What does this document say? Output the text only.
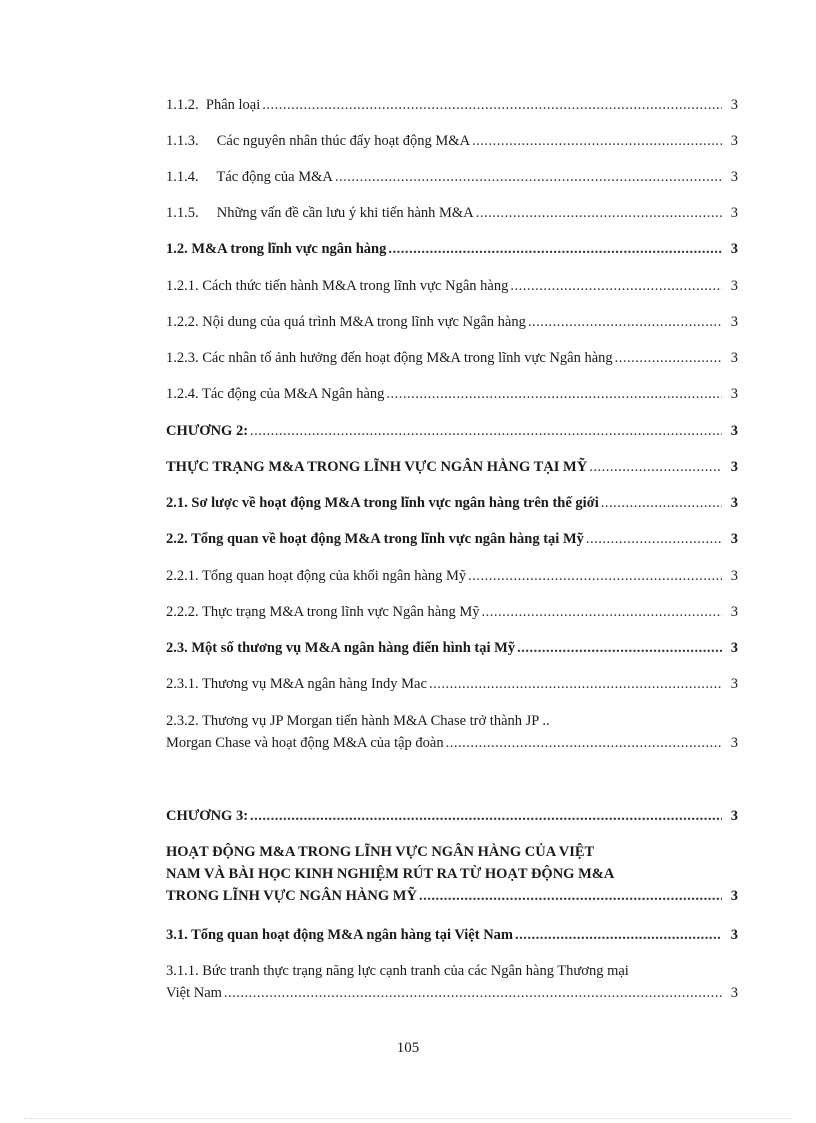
1.1.2.  Phân loại .....	3
1.1.3.     Các nguyên nhân thúc đẩy hoạt động M&A .....	3
1.1.4.     Tác động của M&A .....	3
1.1.5.     Những vấn đề cần lưu ý khi tiến hành M&A .....	3
1.2. M&A trong lĩnh vực ngân hàng .....	3
1.2.1. Cách thức tiến hành M&A trong lĩnh vực Ngân hàng .....	3
1.2.2. Nội dung của quá trình M&A trong lĩnh vực Ngân hàng .....	3
1.2.3. Các nhân tố ảnh hưởng đến hoạt động M&A trong lĩnh vực Ngân hàng .....	3
1.2.4. Tác động của M&A Ngân hàng .....	3
CHƯƠNG 2: .....	3
THỰC TRẠNG M&A TRONG LĨNH VỰC NGÂN HÀNG TẠI MỸ .....	3
2.1. Sơ lược về hoạt động M&A trong lĩnh vực ngân hàng trên thế giới .....	3
2.2. Tổng quan về hoạt động M&A trong lĩnh vực ngân hàng tại Mỹ .....	3
2.2.1. Tổng quan hoạt động của khối ngân hàng Mỹ .....	3
2.2.2. Thực trạng M&A trong lĩnh vực Ngân hàng Mỹ .....	3
2.3. Một số thương vụ M&A ngân hàng điển hình tại Mỹ .....	3
2.3.1. Thương vụ M&A ngân hàng Indy Mac .....	3
2.3.2. Thương vụ JP Morgan tiến hành M&A Chase trở thành JP ..
Morgan Chase và hoạt động M&A của tập đoàn .....	3
CHƯƠNG 3: .....	3
HOẠT ĐỘNG M&A TRONG LĨNH VỰC NGÂN HÀNG CỦA VIỆT
NAM VÀ BÀI HỌC KINH NGHIỆM RÚT RA TỪ HOẠT ĐỘNG M&A
TRONG LĨNH VỰC NGÂN HÀNG MỸ .....	3
3.1. Tổng quan hoạt động M&A ngân hàng tại Việt Nam .....	3
3.1.1. Bức tranh thực trạng năng lực cạnh tranh của các Ngân hàng Thương mại
Việt Nam .....	3
105
